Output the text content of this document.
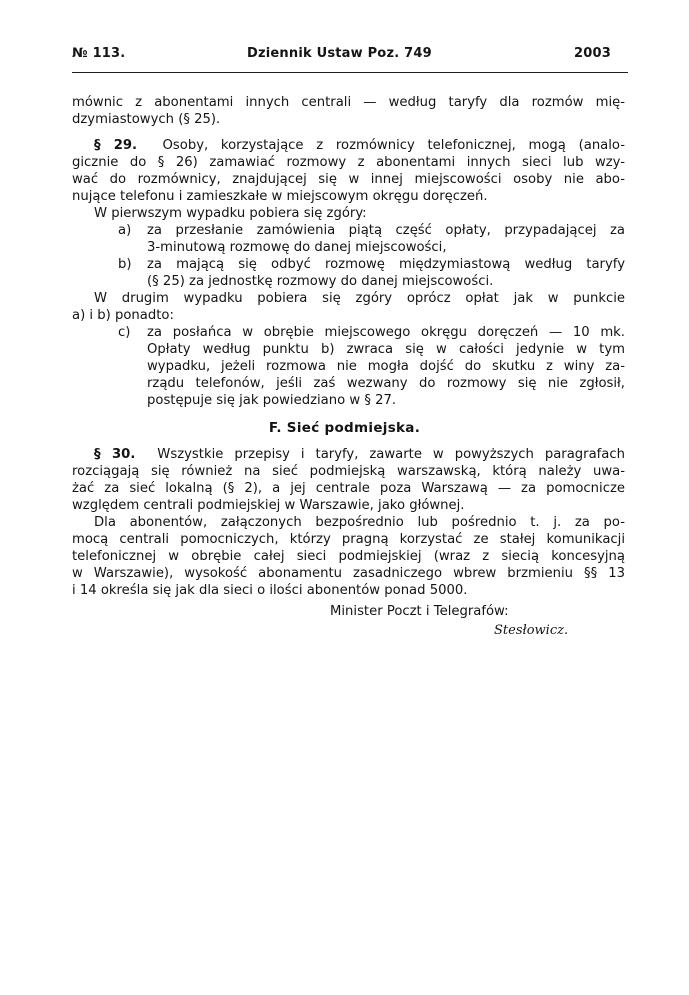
№ 113.	Dziennik Ustaw Poz. 749	2003
mównic z abonentami innych centrali — według taryfy dla rozmów mię-
dzymiastowych (§ 25).
§ 29. Osoby, korzystające z rozmównicy telefonicznej, mogą (analo-
gicznie do § 26) zamawiać rozmowy z abonentami innych sieci lub wzy-
wać do rozmównicy, znajdującej się w innej miejscowości osoby nie abo-
nujące telefonu i zamieszkałe w miejscowym okręgu doręczeń.
W pierwszym wypadku pobiera się zgóry:
a) za przesłanie zamówienia piątą część opłaty, przypadającej za
3-minutową rozmowę do danej miejscowości,
b) za mającą się odbyć rozmowę międzymiastową według taryfy
(§ 25) za jednostkę rozmowy do danej miejscowości.
W drugim wypadku pobiera się zgóry oprócz opłat jak w punkcie
a) i b) ponadto:
c) za posłańca w obrębie miejscowego okręgu doręczeń — 10 mk.
Opłaty według punktu b) zwraca się w całości jedynie w tym
wypadku, jeżeli rozmowa nie mogła dojść do skutku z winy za-
rządu telefonów, jeśli zaś wezwany do rozmowy się nie zgłosił,
postępuje się jak powiedziano w § 27.
F. Sieć podmiejska.
§ 30. Wszystkie przepisy i taryfy, zawarte w powyższych paragrafach
rozciągają się również na sieć podmiejską warszawską, którą należy uwa-
żać za sieć lokalną (§ 2), a jej centrale poza Warszawą — za pomocnicze
względem centrali podmiejskiej w Warszawie, jako głównej.
Dla abonentów, załączonych bezpośrednio lub pośrednio t. j. za po-
mocą centrali pomocniczych, którzy pragną korzystać ze stałej komunikacji
telefonicznej w obrębie całej sieci podmiejskiej (wraz z siecią koncesyjną
w Warszawie), wysokość abonamentu zasadniczego wbrew brzmieniu §§ 13
i 14 określa się jak dla sieci o ilości abonentów ponad 5000.
Minister Poczt i Telegrafów:
Stesłowicz.
